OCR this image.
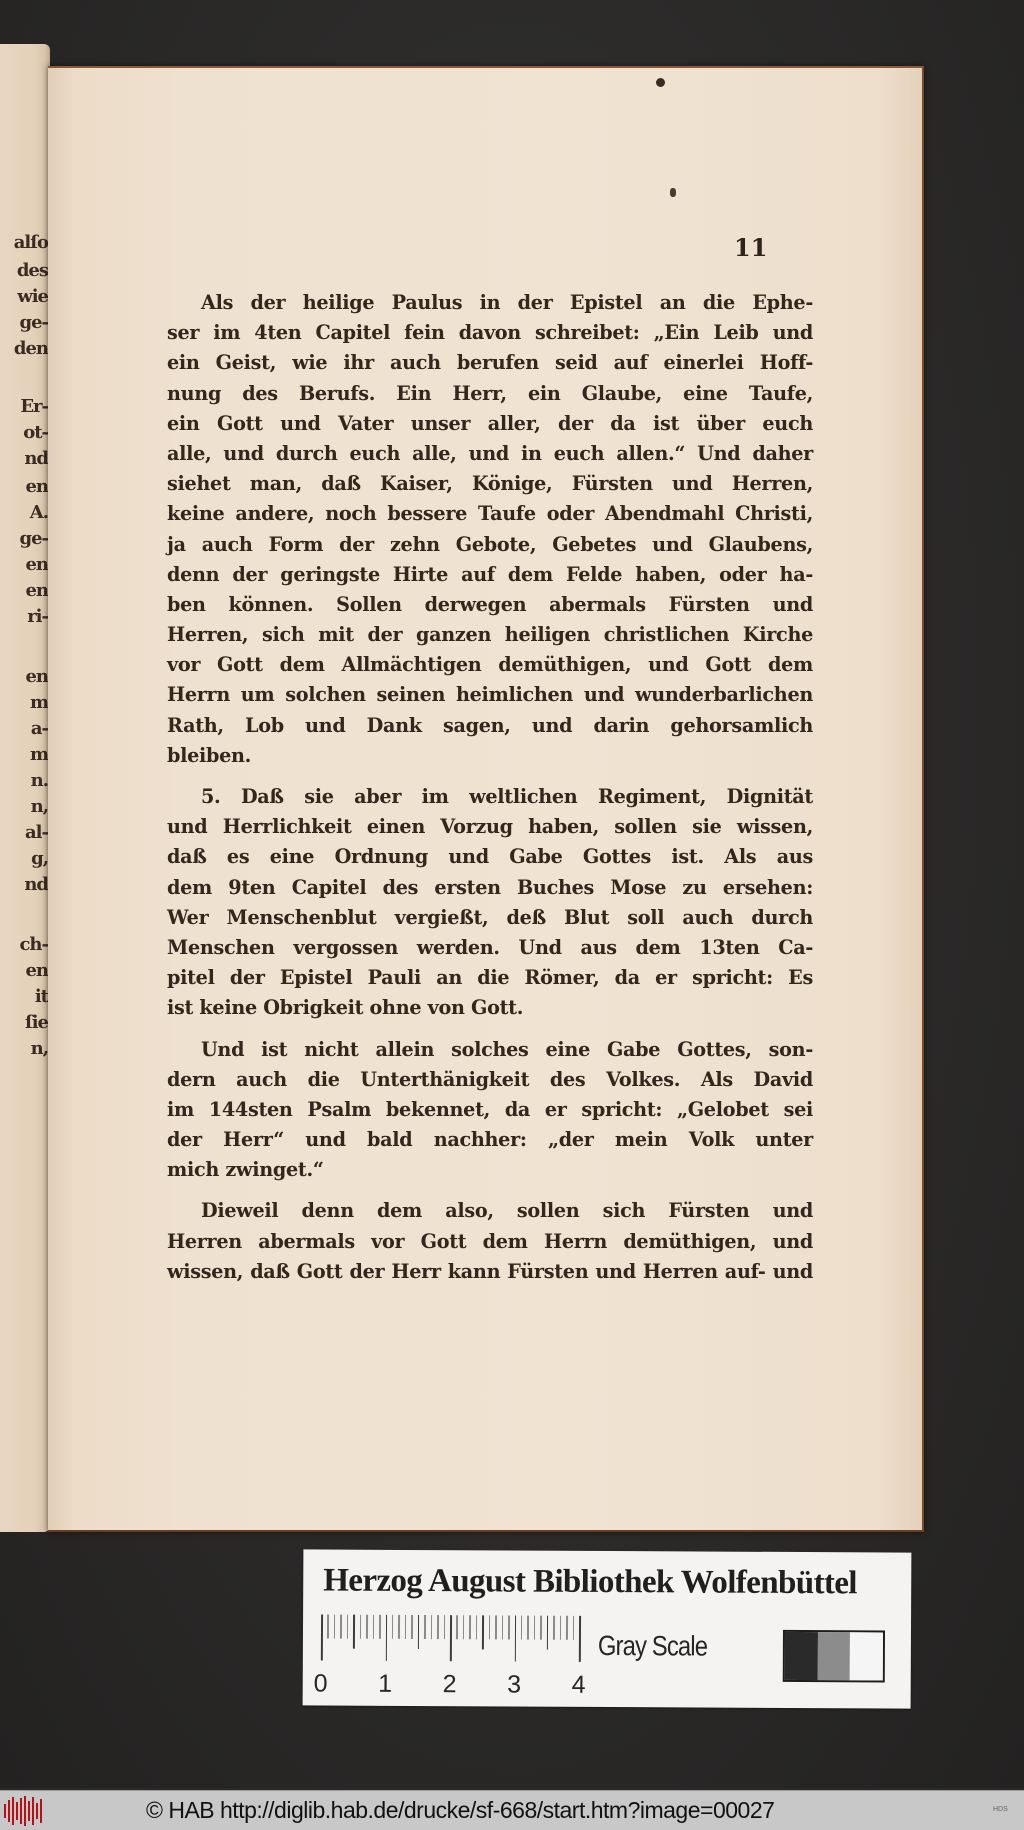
alſo
des
wie
ge-
den
Er-
ot-
nd
en
A.
ge-
en
en
ri-
en
m
a-
m
n.
n,
al-
g,
nd
ch-
en
it
ſie
n,
11
Als der heilige Paulus in der Epistel an die Ephe-
ser im 4ten Capitel fein davon schreibet: „Ein Leib und
ein Geist, wie ihr auch berufen seid auf einerlei Hoff-
nung des Berufs. Ein Herr, ein Glaube, eine Taufe,
ein Gott und Vater unser aller, der da ist über euch
alle, und durch euch alle, und in euch allen.“ Und daher
siehet man, daß Kaiser, Könige, Fürsten und Herren,
keine andere, noch bessere Taufe oder Abendmahl Christi,
ja auch Form der zehn Gebote, Gebetes und Glaubens,
denn der geringste Hirte auf dem Felde haben, oder ha-
ben können. Sollen derwegen abermals Fürsten und
Herren, sich mit der ganzen heiligen christlichen Kirche
vor Gott dem Allmächtigen demüthigen, und Gott dem
Herrn um solchen seinen heimlichen und wunderbarlichen
Rath, Lob und Dank sagen, und darin gehorsamlich
bleiben.
5. Daß sie aber im weltlichen Regiment, Dignität
und Herrlichkeit einen Vorzug haben, sollen sie wissen,
daß es eine Ordnung und Gabe Gottes ist. Als aus
dem 9ten Capitel des ersten Buches Mose zu ersehen:
Wer Menschenblut vergießt, deß Blut soll auch durch
Menschen vergossen werden. Und aus dem 13ten Ca-
pitel der Epistel Pauli an die Römer, da er spricht: Es
ist keine Obrigkeit ohne von Gott.
Und ist nicht allein solches eine Gabe Gottes, son-
dern auch die Unterthänigkeit des Volkes. Als David
im 144sten Psalm bekennet, da er spricht: „Gelobet sei
der Herr“ und bald nachher: „der mein Volk unter
mich zwinget.“
Dieweil denn dem also, sollen sich Fürsten und
Herren abermals vor Gott dem Herrn demüthigen, und
wissen, daß Gott der Herr kann Fürsten und Herren auf- und
Herzog August Bibliothek Wolfenbüttel
0 1 2 3 4
Gray Scale
© HAB http://diglib.hab.de/drucke/sf-668/start.htm?image=00027	HDS
